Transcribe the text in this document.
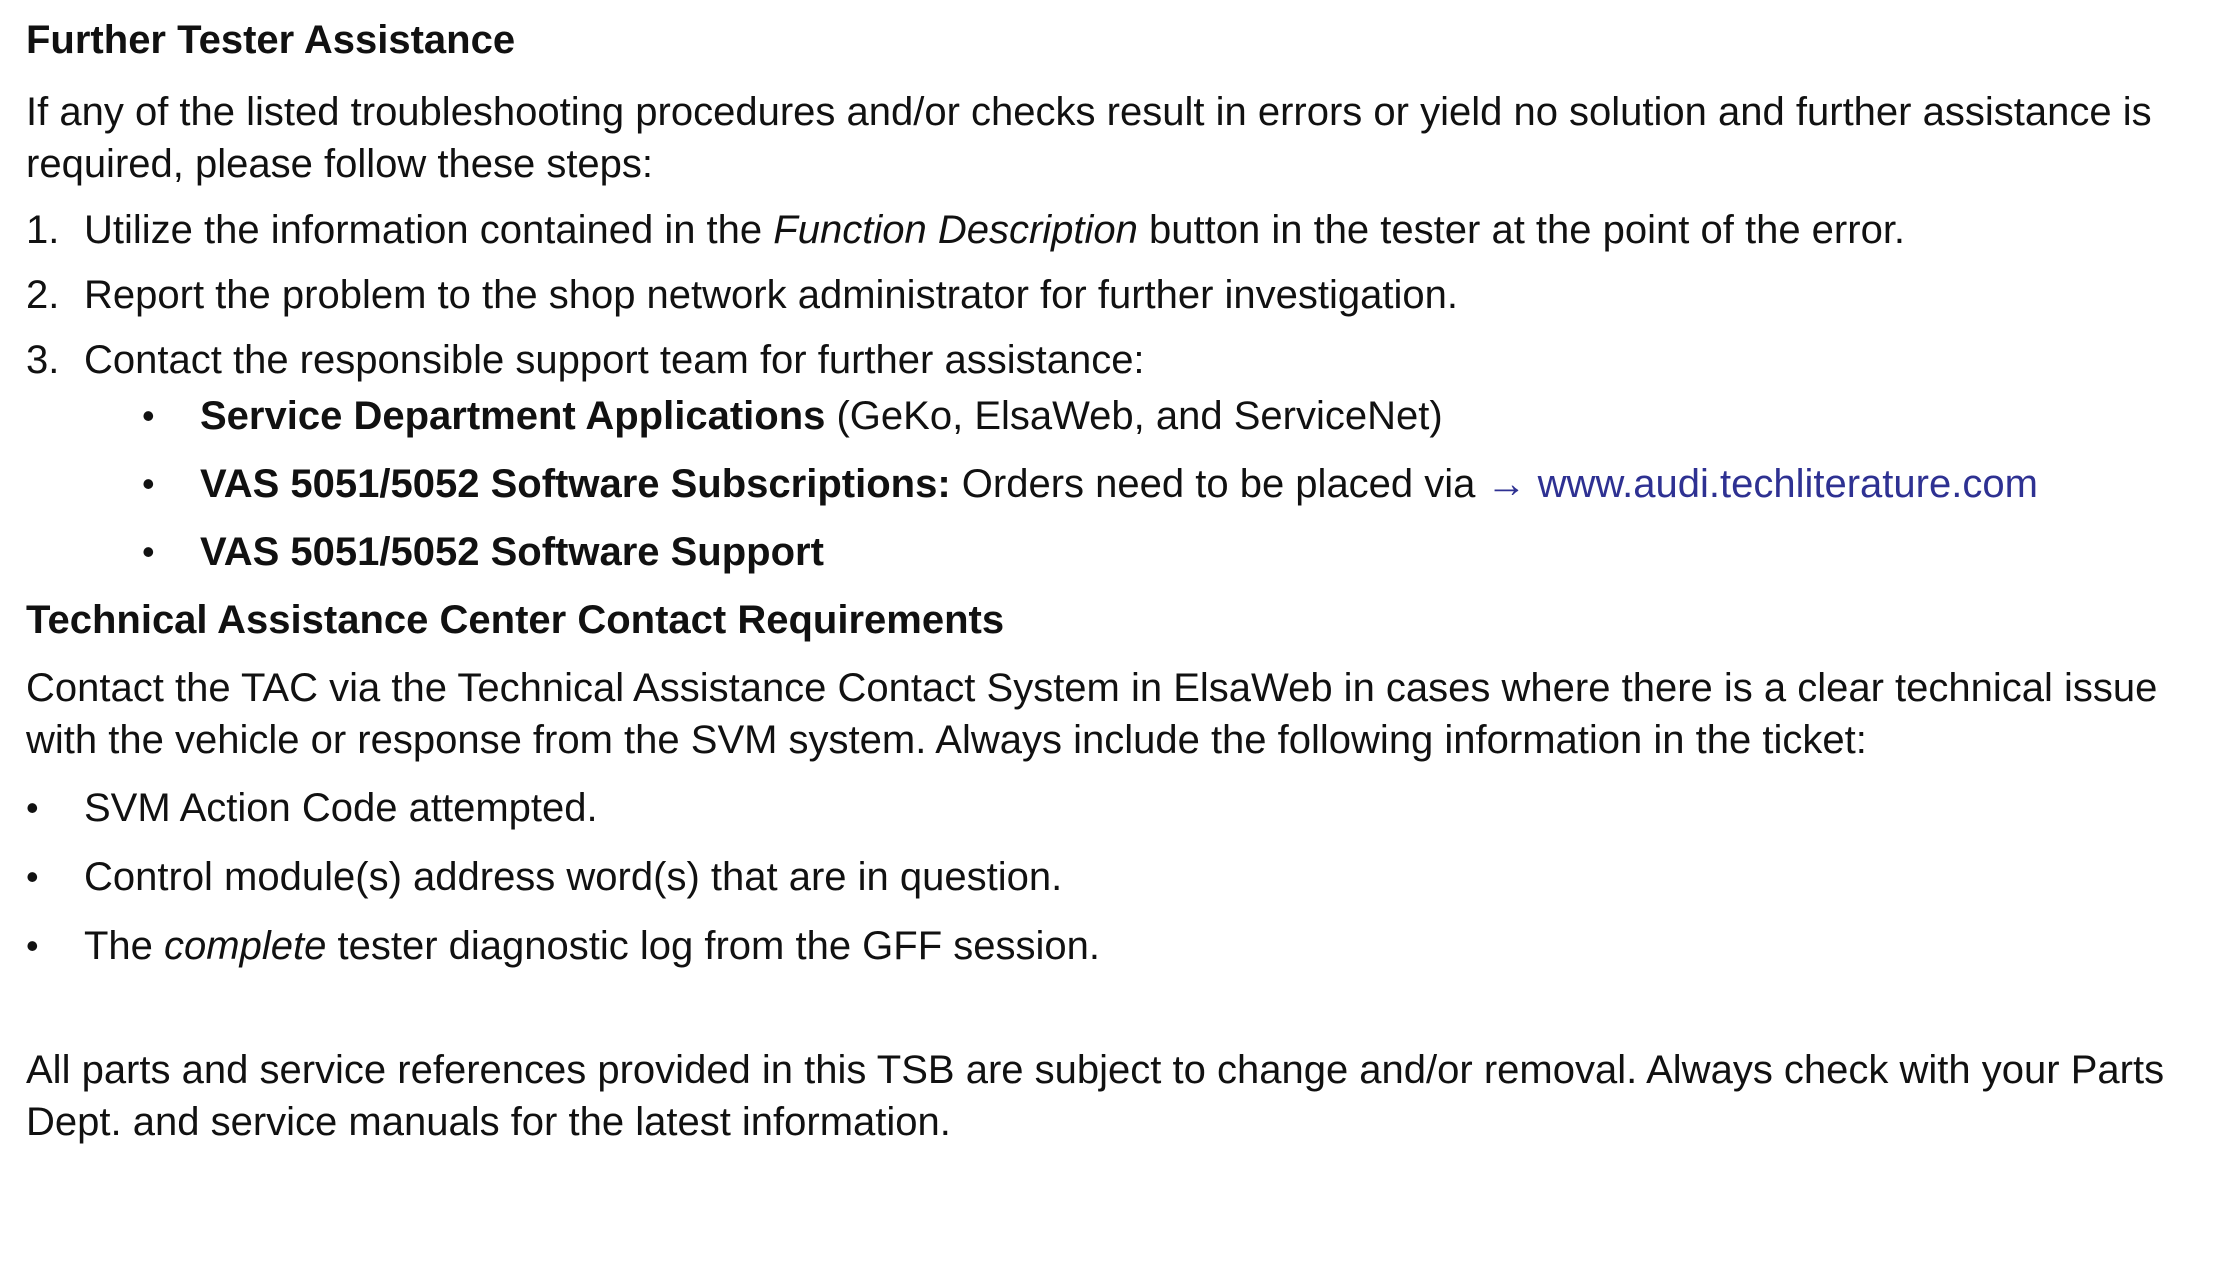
Further Tester Assistance

If any of the listed troubleshooting procedures and/or checks result in errors or yield no solution and further assistance is required, please follow these steps:

1. Utilize the information contained in the Function Description button in the tester at the point of the error.
2. Report the problem to the shop network administrator for further investigation.
3. Contact the responsible support team for further assistance:
• Service Department Applications (GeKo, ElsaWeb, and ServiceNet)
• VAS 5051/5052 Software Subscriptions: Orders need to be placed via → www.audi.techliterature.com
• VAS 5051/5052 Software Support
Technical Assistance Center Contact Requirements

Contact the TAC via the Technical Assistance Contact System in ElsaWeb in cases where there is a clear technical issue with the vehicle or response from the SVM system. Always include the following information in the ticket:

• SVM Action Code attempted.
• Control module(s) address word(s) that are in question.
• The complete tester diagnostic log from the GFF session.

All parts and service references provided in this TSB are subject to change and/or removal. Always check with your Parts Dept. and service manuals for the latest information.
